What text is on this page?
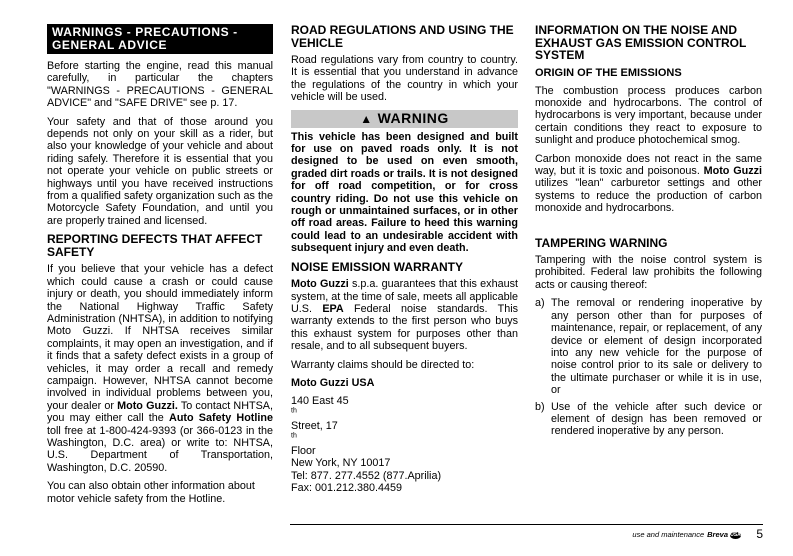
WARNINGS - PRECAUTIONS - GENERAL ADVICE

Before starting the engine, read this manual carefully, in particular the chapters "WARNINGS - PRECAUTIONS - GENERAL ADVICE" and "SAFE DRIVE" see p. 17.

Your safety and that of those around you depends not only on your skill as a rider, but also your knowledge of your vehicle and about riding safely. Therefore it is essential that you not operate your vehicle on public streets or highways until you have received instructions from a qualified safety organization such as the Motorcycle Safety Foundation, and until you are properly trained and licensed.

REPORTING DEFECTS THAT AFFECT SAFETY

If you believe that your vehicle has a defect which could cause a crash or could cause injury or death, you should immediately inform the National Highway Traffic Safety Administration (NHTSA), in addition to notifying Moto Guzzi. If NHTSA receives similar complaints, it may open an investigation, and if it finds that a safety defect exists in a group of vehicles, it may order a recall and remedy campaign. However, NHTSA cannot become involved in individual problems between you, your dealer or Moto Guzzi. To contact NHTSA, you may either call the Auto Safety Hotline toll free at 1-800-424-9393 (or 366-0123 in the Washington, D.C. area) or write to: NHTSA, U.S. Department of Transportation, Washington, D.C. 20590.

You can also obtain other information about motor vehicle safety from the Hotline.

ROAD REGULATIONS AND USING THE VEHICLE

Road regulations vary from country to country. It is essential that you understand in advance the regulations of the country in which your vehicle will be used.

▲ WARNING

This vehicle has been designed and built for use on paved roads only. It is not designed to be used on even smooth, graded dirt roads or trails. It is not designed for off road competition, or for cross country riding. Do not use this vehicle on rough or unmaintained surfaces, or in other off road areas. Failure to heed this warning could lead to an undesirable accident with subsequent injury and even death.

NOISE EMISSION WARRANTY

Moto Guzzi s.p.a. guarantees that this exhaust system, at the time of sale, meets all applicable U.S. EPA Federal noise standards. This warranty extends to the first person who buys this exhaust system for purposes other than resale, and to all subsequent buyers.

Warranty claims should be directed to:

Moto Guzzi USA

140 East 45
$^{th}$
Street, 17
$^{th}$
Floor
New York, NY 10017
Tel: 877. 277.4552 (877.Aprilia)
Fax: 001.212.380.4459
INFORMATION ON THE NOISE AND EXHAUST GAS EMISSION CONTROL SYSTEM
ORIGIN OF THE EMISSIONS

The combustion process produces carbon monoxide and hydrocarbons. The control of hydrocarbons is very important, because under certain conditions they react to exposure to sunlight and produce photochemical smog.

Carbon monoxide does not react in the same way, but it is toxic and poisonous. Moto Guzzi utilizes "lean" carburetor settings and other systems to reduce the production of carbon monoxide and hydrocarbons.

TAMPERING WARNING

Tampering with the noise control system is prohibited. Federal law prohibits the following acts or causing thereof:

a) The removal or rendering inoperative by any person other than for purposes of maintenance, repair, or replacement, of any device or element of design incorporated into any new vehicle for the purpose of noise control prior to its sale or delivery to the ultimate purchaser or while it is in use, or
b) Use of the vehicle after such device or element of design has been removed or rendered inoperative by any person.
use and maintenance Breva USA 5
